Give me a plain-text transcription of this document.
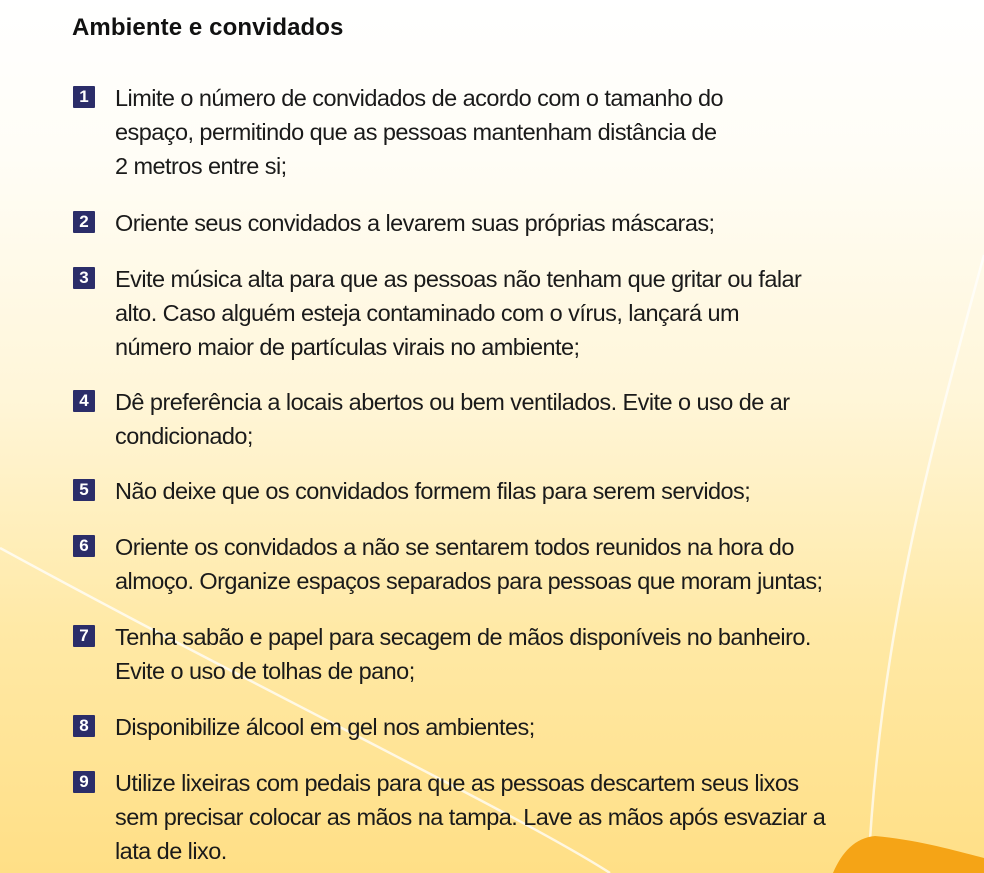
Ambiente e convidados
1 Limite o número de convidados de acordo com o tamanho do
espaço, permitindo que as pessoas mantenham distância de
2 metros entre si;
2 Oriente seus convidados a levarem suas próprias máscaras;
3 Evite música alta para que as pessoas não tenham que gritar ou falar
alto. Caso alguém esteja contaminado com o vírus, lançará um
número maior de partículas virais no ambiente;
4 Dê preferência a locais abertos ou bem ventilados. Evite o uso de ar
condicionado;
5 Não deixe que os convidados formem filas para serem servidos;
6 Oriente os convidados a não se sentarem todos reunidos na hora do
almoço. Organize espaços separados para pessoas que moram juntas;
7 Tenha sabão e papel para secagem de mãos disponíveis no banheiro.
Evite o uso de tolhas de pano;
8 Disponibilize álcool em gel nos ambientes;
9 Utilize lixeiras com pedais para que as pessoas descartem seus lixos
sem precisar colocar as mãos na tampa. Lave as mãos após esvaziar a
lata de lixo.
